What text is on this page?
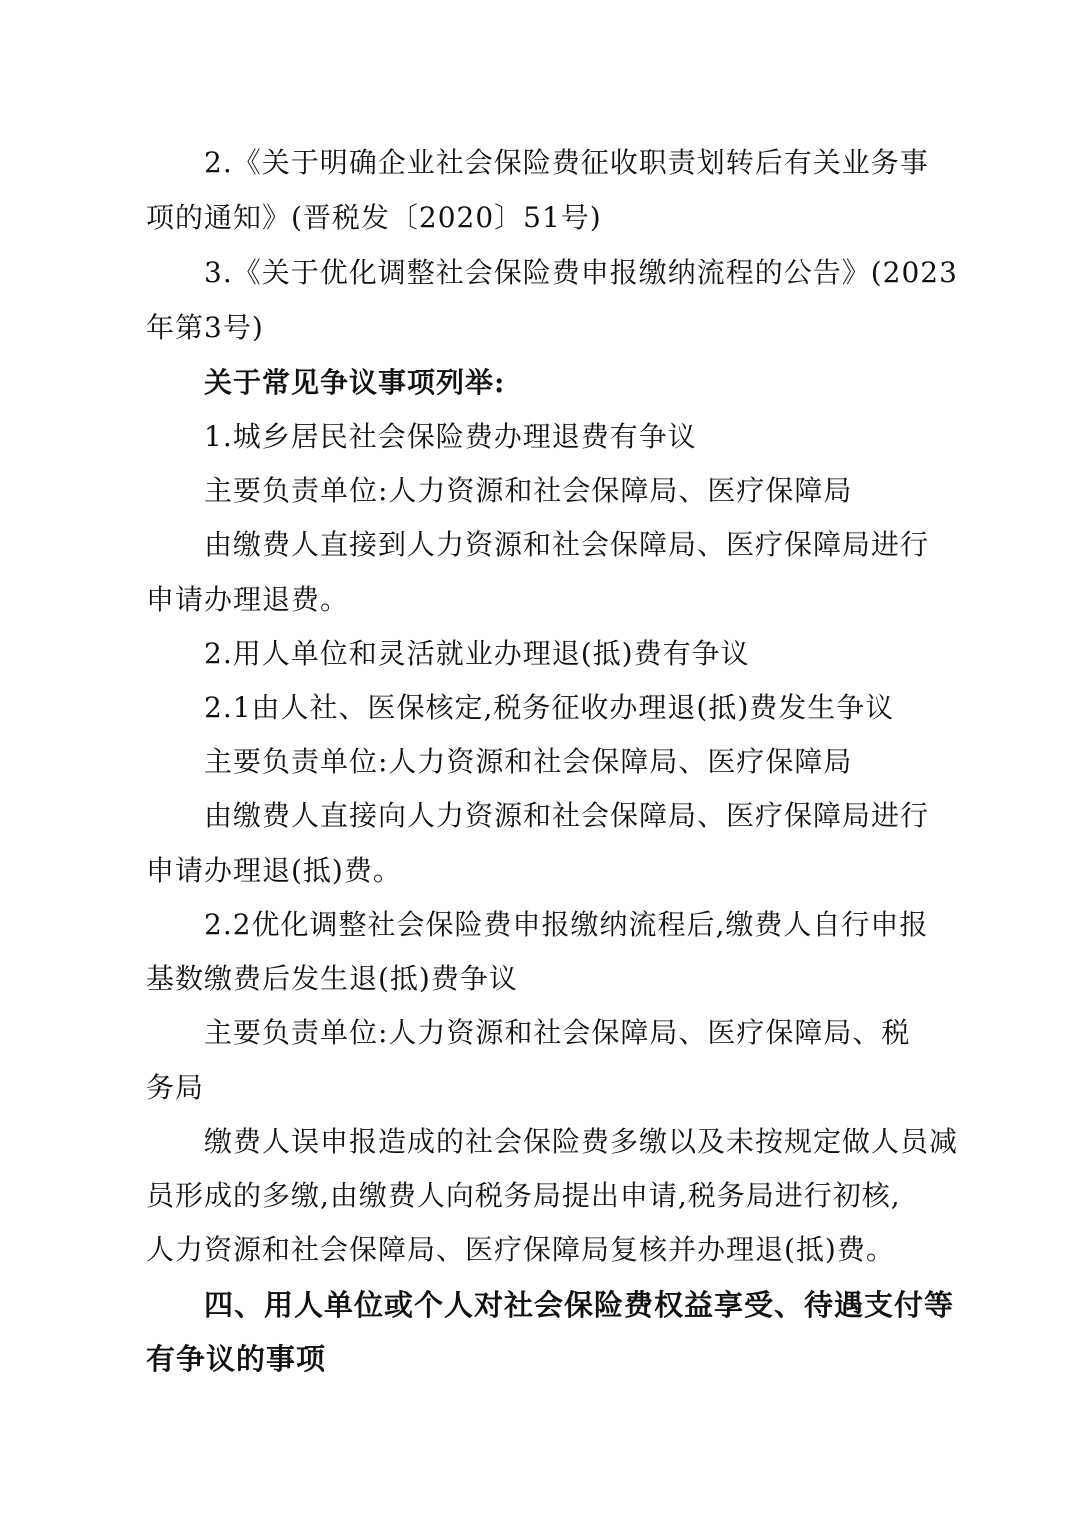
2.《关于明确企业社会保险费征收职责划转后有关业务事
项的通知》(晋税发〔2020〕51号)
3.《关于优化调整社会保险费申报缴纳流程的公告》(2023
年第3号)
关于常见争议事项列举:
1.城乡居民社会保险费办理退费有争议
主要负责单位:人力资源和社会保障局、医疗保障局
由缴费人直接到人力资源和社会保障局、医疗保障局进行
申请办理退费。
2.用人单位和灵活就业办理退(抵)费有争议
2.1由人社、医保核定,税务征收办理退(抵)费发生争议
主要负责单位:人力资源和社会保障局、医疗保障局
由缴费人直接向人力资源和社会保障局、医疗保障局进行
申请办理退(抵)费。
2.2优化调整社会保险费申报缴纳流程后,缴费人自行申报
基数缴费后发生退(抵)费争议
主要负责单位:人力资源和社会保障局、医疗保障局、税
务局
缴费人误申报造成的社会保险费多缴以及未按规定做人员减
员形成的多缴,由缴费人向税务局提出申请,税务局进行初核,
人力资源和社会保障局、医疗保障局复核并办理退(抵)费。
四、用人单位或个人对社会保险费权益享受、待遇支付等
有争议的事项
